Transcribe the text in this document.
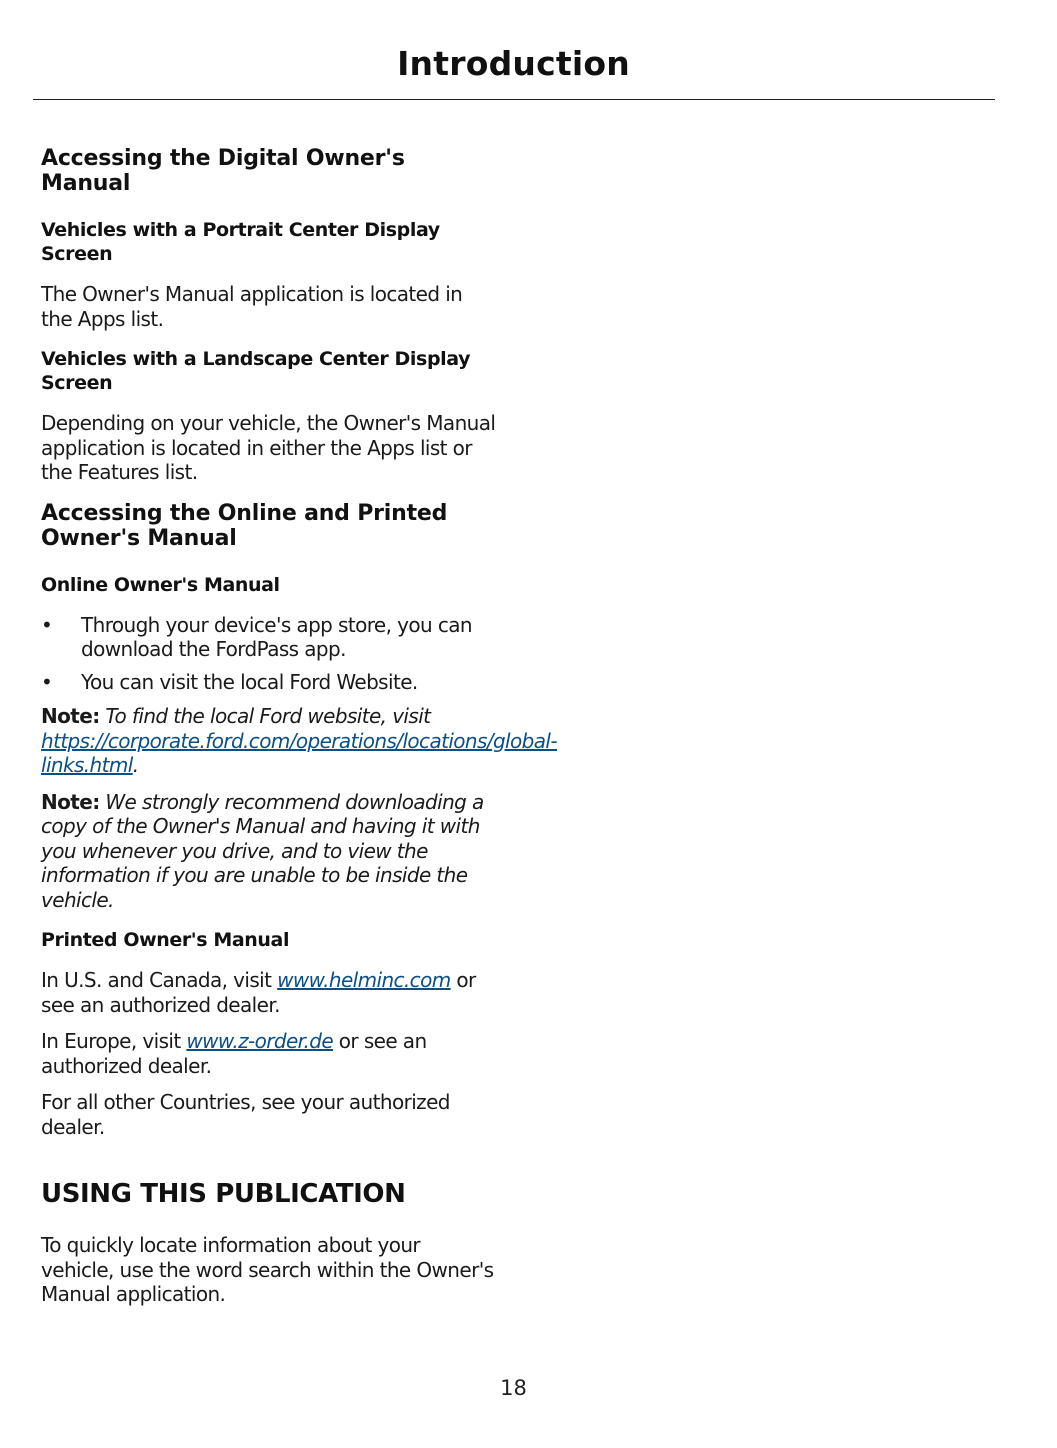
Introduction
Accessing the Digital Owner's Manual
Vehicles with a Portrait Center Display Screen

The Owner's Manual application is located in the Apps list.

Vehicles with a Landscape Center Display Screen

Depending on your vehicle, the Owner's Manual application is located in either the Apps list or the Features list.

Accessing the Online and Printed Owner's Manual
Online Owner's Manual
• Through your device's app store, you can download the FordPass app.
• You can visit the local Ford Website.

Note: To find the local Ford website, visit https://corporate.ford.com/operations/locations/global-links.html.

Note: We strongly recommend downloading a copy of the Owner's Manual and having it with you whenever you drive, and to view the information if you are unable to be inside the vehicle.

Printed Owner's Manual

In U.S. and Canada, visit www.helminc.com or see an authorized dealer.

In Europe, visit www.z-order.de or see an authorized dealer.

For all other Countries, see your authorized dealer.

USING THIS PUBLICATION

To quickly locate information about your vehicle, use the word search within the Owner's Manual application.

18
